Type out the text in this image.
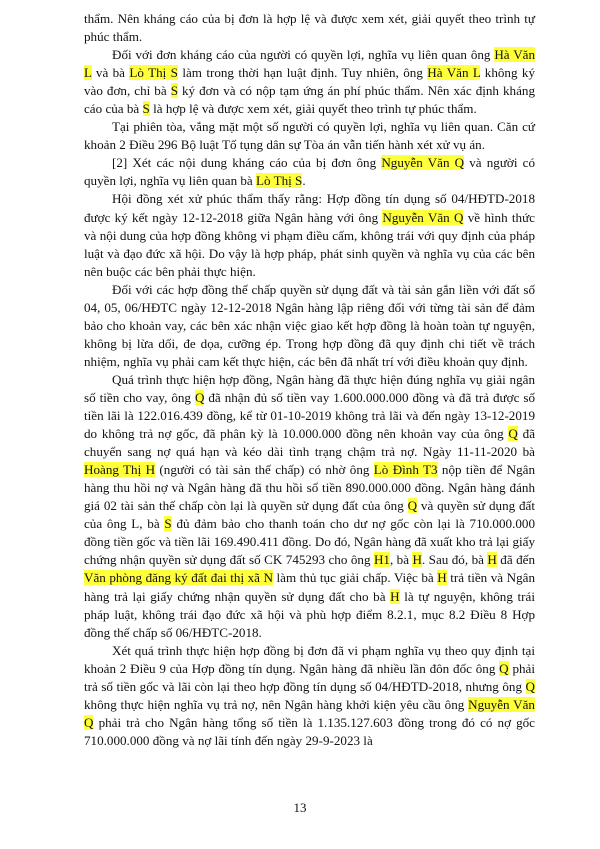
thẩm. Nên kháng cáo của bị đơn là hợp lệ và được xem xét, giải quyết theo trình tự phúc thẩm.

Đối với đơn kháng cáo của người có quyền lợi, nghĩa vụ liên quan ông Hà Văn L và bà Lò Thị S làm trong thời hạn luật định. Tuy nhiên, ông Hà Văn L không ký vào đơn, chỉ bà S ký đơn và có nộp tạm ứng án phí phúc thẩm. Nên xác định kháng cáo của bà S là hợp lệ và được xem xét, giải quyết theo trình tự phúc thẩm.

Tại phiên tòa, vắng mặt một số người có quyền lợi, nghĩa vụ liên quan. Căn cứ khoản 2 Điều 296 Bộ luật Tố tụng dân sự Tòa án vẫn tiến hành xét xử vụ án.

[2] Xét các nội dung kháng cáo của bị đơn ông Nguyễn Văn Q và người có quyền lợi, nghĩa vụ liên quan bà Lò Thị S.

Hội đồng xét xử phúc thẩm thấy rằng: Hợp đồng tín dụng số 04/HĐTD-2018 được ký kết ngày 12-12-2018 giữa Ngân hàng với ông Nguyễn Văn Q về hình thức và nội dung của hợp đồng không vi phạm điều cấm, không trái với quy định của pháp luật và đạo đức xã hội. Do vậy là hợp pháp, phát sinh quyền và nghĩa vụ của các bên nên buộc các bên phải thực hiện.

Đối với các hợp đồng thế chấp quyền sử dụng đất và tài sản gắn liền với đất số 04, 05, 06/HĐTC ngày 12-12-2018 Ngân hàng lập riêng đối với từng tài sản để đảm bảo cho khoản vay, các bên xác nhận việc giao kết hợp đồng là hoàn toàn tự nguyện, không bị lừa dối, đe dọa, cưỡng ép. Trong hợp đồng đã quy định chi tiết về trách nhiệm, nghĩa vụ phải cam kết thực hiện, các bên đã nhất trí với điều khoản quy định.

Quá trình thực hiện hợp đồng, Ngân hàng đã thực hiện đúng nghĩa vụ giải ngân số tiền cho vay, ông Q đã nhận đủ số tiền vay 1.600.000.000 đồng và đã trả được số tiền lãi là 122.016.439 đồng, kể từ 01-10-2019 không trả lãi và đến ngày 13-12-2019 do không trả nợ gốc, đã phân kỳ là 10.000.000 đồng nên khoản vay của ông Q đã chuyển sang nợ quá hạn và kéo dài tình trạng chậm trả nợ. Ngày 11-11-2020 bà Hoàng Thị H (người có tài sản thế chấp) có nhờ ông Lò Đình T3 nộp tiền để Ngân hàng thu hồi nợ và Ngân hàng đã thu hồi số tiền 890.000.000 đồng. Ngân hàng đánh giá 02 tài sản thế chấp còn lại là quyền sử dụng đất của ông Q và quyền sử dụng đất của ông L, bà S đủ đảm bảo cho thanh toán cho dư nợ gốc còn lại là 710.000.000 đồng tiền gốc và tiền lãi 169.490.411 đồng. Do đó, Ngân hàng đã xuất kho trả lại giấy chứng nhận quyền sử dụng đất số CK 745293 cho ông H1, bà H. Sau đó, bà H đã đến Văn phòng đăng ký đất đai thị xã N làm thủ tục giải chấp. Việc bà H trả tiền và Ngân hàng trả lại giấy chứng nhận quyền sử dụng đất cho bà H là tự nguyện, không trái pháp luật, không trái đạo đức xã hội và phù hợp điểm 8.2.1, mục 8.2 Điều 8 Hợp đồng thế chấp số 06/HĐTC-2018.

Xét quá trình thực hiện hợp đồng bị đơn đã vi phạm nghĩa vụ theo quy định tại khoản 2 Điều 9 của Hợp đồng tín dụng. Ngân hàng đã nhiều lần đôn đốc ông Q phải trả số tiền gốc và lãi còn lại theo hợp đồng tín dụng số 04/HĐTD-2018, nhưng ông Q không thực hiện nghĩa vụ trả nợ, nên Ngân hàng khởi kiện yêu cầu ông Nguyễn Văn Q phải trả cho Ngân hàng tổng số tiền là 1.135.127.603 đồng trong đó có nợ gốc 710.000.000 đồng và nợ lãi tính đến ngày 29-9-2023 là

13
